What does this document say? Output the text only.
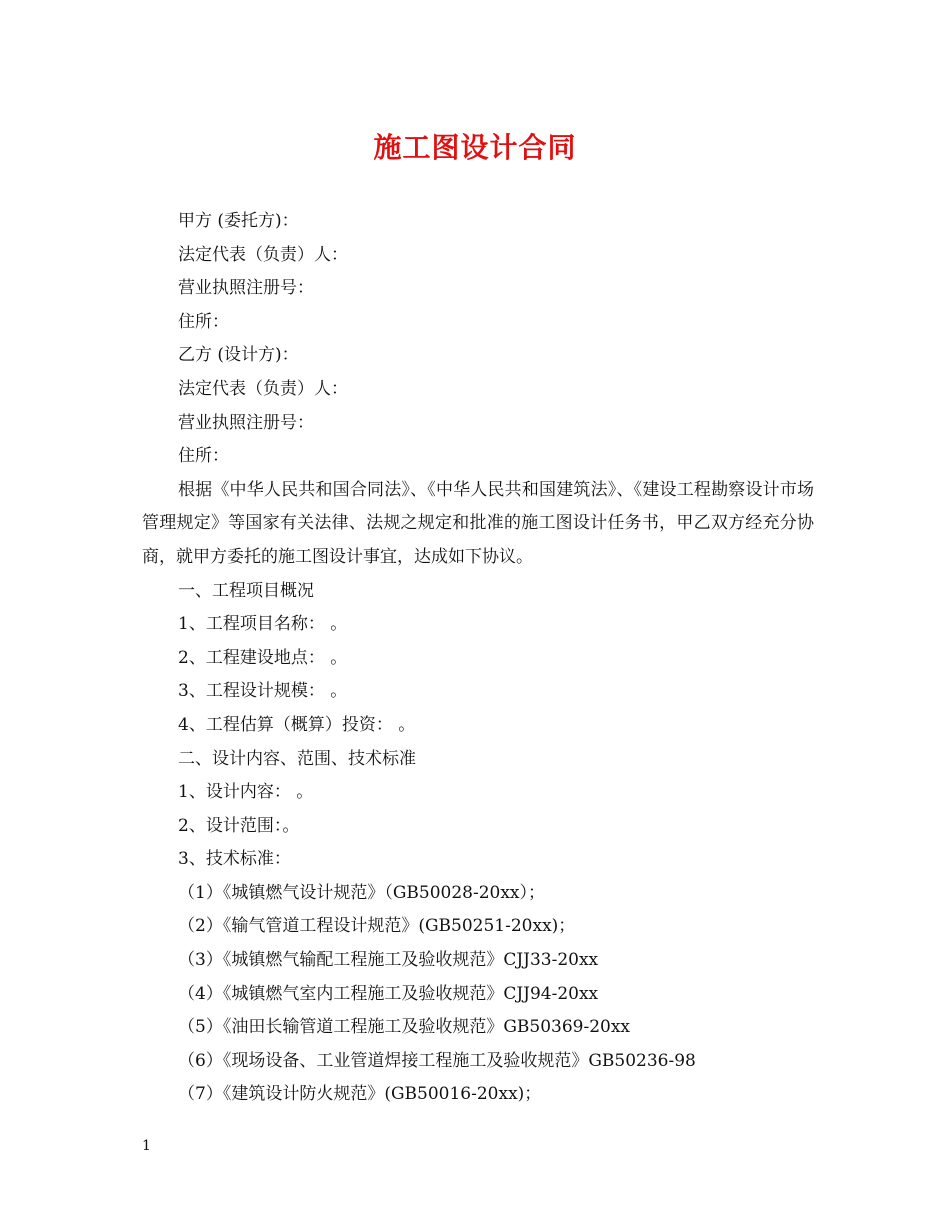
施工图设计合同
甲方 (委托方)：
法定代表（负责）人：
营业执照注册号：
住所：
乙方 (设计方)：
法定代表（负责）人：
营业执照注册号：
住所：
根据《中华人民共和国合同法》、《中华人民共和国建筑法》、《建设工程勘察设计市场管理规定》等国家有关法律、法规之规定和批准的施工图设计任务书，甲乙双方经充分协商，就甲方委托的施工图设计事宜，达成如下协议。
一、工程项目概况
1、工程项目名称： 。
2、工程建设地点： 。
3、工程设计规模： 。
4、工程估算（概算）投资： 。
二、设计内容、范围、技术标准
1、设计内容： 。
2、设计范围：。
3、技术标准：
（1）《城镇燃气设计规范》（GB50028-20xx）；
（2）《输气管道工程设计规范》(GB50251-20xx)；
（3）《城镇燃气输配工程施工及验收规范》CJJ33-20xx
（4）《城镇燃气室内工程施工及验收规范》CJJ94-20xx
（5）《油田长输管道工程施工及验收规范》GB50369-20xx
（6）《现场设备、工业管道焊接工程施工及验收规范》GB50236-98
（7）《建筑设计防火规范》(GB50016-20xx)；
1
